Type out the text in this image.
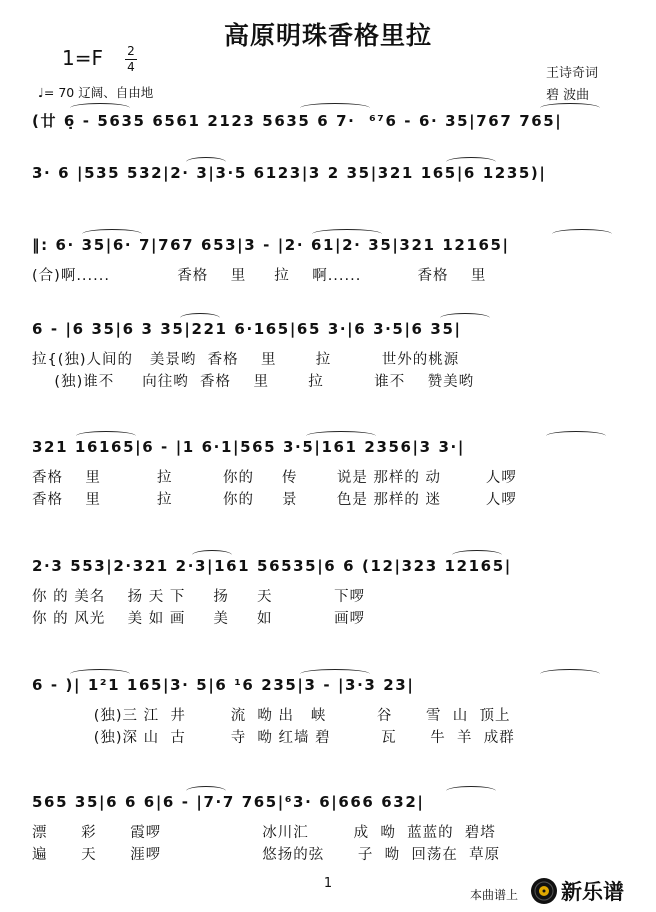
高原明珠香格里拉
1=F 2
4
♩= 70 辽阔、自由地
王诗奇词
碧 波曲
(廿 6̣ - 5635 6561 2123 5635 6 7·  ⁶⁷6 - 6· 35|767 765|
3· 6 |535 532|2· 3|3·5 6123|3 2 35|321 165|6 1235)|
‖: 6· 35|6· 7|767 653|3 - |2· 61|2· 35|321 12165|
(合)啊......            香格    里     拉    啊......          香格    里
6 - |6 35|6 3 35|221 6·165|65 3·|6 3·5|6 35|
拉{(独)人间的   美景哟  香格    里       拉         世外的桃源
(独)谁不     向往哟  香格    里       拉         谁不    赞美哟
321 16165|6 - |1 6·1|565 3·5|161 2356|3 3·|
香格    里          拉         你的     传       说是 那样的 动        人啰
香格    里          拉         你的     景       色是 那样的 迷        人啰
2·3 553|2·321 2·3|161 56535|6 6 (12|323 12165|
你 的 美名    扬 天 下     扬     天           下啰
你 的 风光    美 如 画     美     如           画啰
6 - )| 1²1 165|3· 5|6 ¹6 235|3 - |3·3 23|
(独)三 江  井        流  呦 出   峡         谷      雪  山  顶上
(独)深 山  古        寺  呦 红墙 碧         瓦      牛  羊  成群
565 35|6 6 6|6 - |7·7 765|⁶3· 6|666 632|
漂      彩      霞啰                  冰川汇        成  呦  蓝蓝的  碧塔
遍      天      涯啰                  悠扬的弦      子  呦  回荡在  草原
1
本曲谱上 新乐谱
